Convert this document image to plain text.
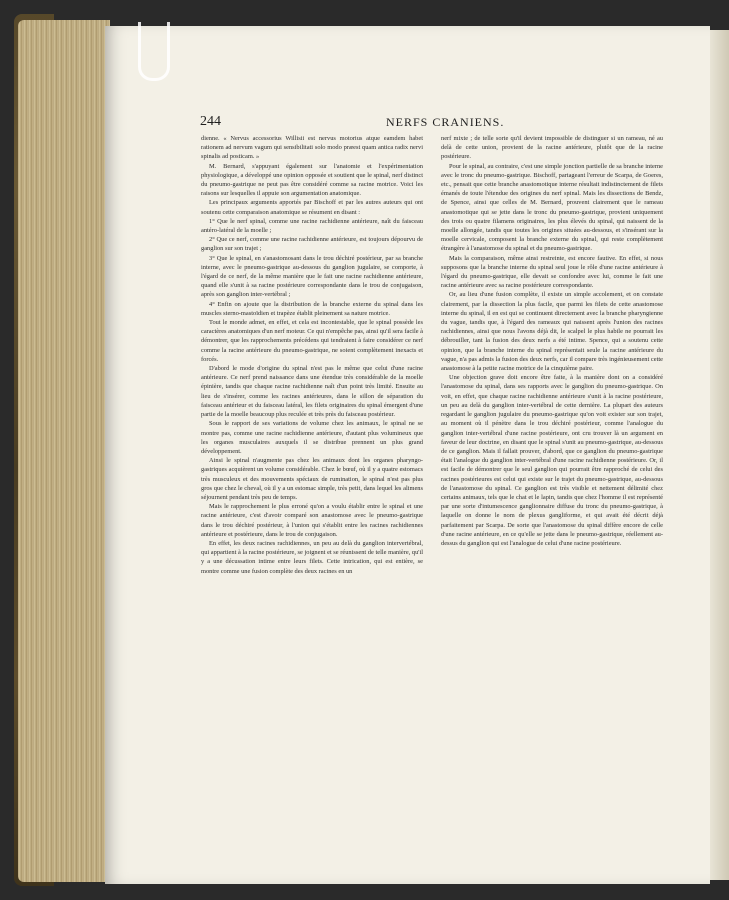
244	NERFS CRANIENS.

dienne. « Nervus accessorius Willisii est nervus motorius atque eamdem habet rationem ad nervum vagum qui sensibilitati solo modo præest quam antica radix nervi spinalis ad posticam. »

M. Bernard, s'appuyant également sur l'anatomie et l'expérimentation physiologique, a développé une opinion opposée et soutient que le spinal, nerf distinct du pneumo-gastrique ne peut pas être considéré comme sa racine motrice. Voici les raisons sur lesquelles il appuie son argumentation anatomique.

Les principaux arguments apportés par Bischoff et par les autres auteurs qui ont soutenu cette comparaison anatomique se résument en disant :

1° Que le nerf spinal, comme une racine rachidienne antérieure, naît du faisceau antéro-latéral de la moelle ;

2° Que ce nerf, comme une racine rachidienne antérieure, est toujours dépourvu de ganglion sur son trajet ;

3° Que le spinal, en s'anastomosant dans le trou déchiré postérieur, par sa branche interne, avec le pneumo-gastrique au-dessous du ganglion jugulaire, se comporte, à l'égard de ce nerf, de la même manière que le fait une racine rachidienne antérieure, quand elle s'unit à sa racine postérieure correspondante dans le trou de conjugaison, après son ganglion inter-vertébral ;

4° Enfin on ajoute que la distribution de la branche externe du spinal dans les muscles sterno-mastoïdien et trapèze établit pleinement sa nature motrice.

Tout le monde admet, en effet, et cela est incontestable, que le spinal possède les caractères anatomiques d'un nerf moteur. Ce qui n'empêche pas, ainsi qu'il sera facile à démontrer, que les rapprochements précédens qui tendraient à faire considérer ce nerf comme la racine antérieure du pneumo-gastrique, ne soient complètement inexacts et forcés.

D'abord le mode d'origine du spinal n'est pas le même que celui d'une racine antérieure. Ce nerf prend naissance dans une étendue très considérable de la moelle épinière, tandis que chaque racine rachidienne naît d'un point très limité. Ensuite au lieu de s'insérer, comme les racines antérieures, dans le sillon de séparation du faisceau antérieur et du faisceau latéral, les filets originaires du spinal émergent d'une partie de la moelle beaucoup plus reculée et très près du faisceau postérieur.

Sous le rapport de ses variations de volume chez les animaux, le spinal ne se montre pas, comme une racine rachidienne antérieure, d'autant plus volumineux que les organes musculaires auxquels il se distribue prennent un plus grand développement.

Ainsi le spinal n'augmente pas chez les animaux dont les organes pharyngo-gastriques acquièrent un volume considérable. Chez le bœuf, où il y a quatre estomacs très musculeux et des mouvements spéciaux de rumination, le spinal n'est pas plus gros que chez le cheval, où il y a un estomac simple, très petit, dans lequel les alimens séjournent pendant très peu de temps.

Mais le rapprochement le plus erroné qu'on a voulu établir entre le spinal et une racine antérieure, c'est d'avoir comparé son anastomose avec le pneumo-gastrique dans le trou déchiré postérieur, à l'union qui s'établit entre les racines rachidiennes antérieure et postérieure, dans le trou de conjugaison.

En effet, les deux racines rachidiennes, un peu au delà du ganglion intervertébral, qui appartient à la racine postérieure, se joignent et se réunissent de telle manière, qu'il y a une décussation intime entre leurs filets. Cette intrication, qui est entière, se montre comme une fusion complète des deux racines en un

nerf mixte ; de telle sorte qu'il devient impossible de distinguer si un rameau, né au delà de cette union, provient de la racine antérieure, plutôt que de la racine postérieure.

Pour le spinal, au contraire, c'est une simple jonction partielle de sa branche interne avec le tronc du pneumo-gastrique. Bischoff, partageant l'erreur de Scarpa, de Goeres, etc., pensait que cette branche anastomotique interne résultait indistinctement de filets émanés de toute l'étendue des origines du nerf spinal. Mais les dissections de Bendz, de Spence, ainsi que celles de M. Bernard, prouvent clairement que le rameau anastomotique qui se jette dans le tronc du pneumo-gastrique, provient uniquement des trois ou quatre filamens originaires, les plus élevés du spinal, qui naissent de la moelle allongée, tandis que toutes les origines situées au-dessous, et s'insérant sur la moelle cervicale, composent la branche externe du spinal, qui reste complètement étrangère à l'anastomose du spinal et du pneumo-gastrique.

Mais la comparaison, même ainsi restreinte, est encore fautive. En effet, si nous supposons que la branche interne du spinal seul joue le rôle d'une racine antérieure à l'égard du pneumo-gastrique, elle devait se confondre avec lui, comme le fait une racine antérieure avec sa racine postérieure correspondante.

Or, au lieu d'une fusion complète, il existe un simple accolement, et on constate clairement, par la dissection la plus facile, que parmi les filets de cette anastomose interne du spinal, il en est qui se continuent directement avec la branche pharyngienne du vague, tandis que, à l'égard des rameaux qui naissent après l'union des racines rachidiennes, ainsi que nous l'avons déjà dit, le scalpel le plus habile ne pourrait les débrouiller, tant la fusion des deux nerfs a été intime. Spence, qui a soutenu cette opinion, que la branche interne du spinal représentait seule la racine antérieure du vague, n'a pas admis la fusion des deux nerfs, car il compare très ingénieusement cette anastomose à la petite racine motrice de la cinquième paire.

Une objection grave doit encore être faite, à la manière dont on a considéré l'anastomose du spinal, dans ses rapports avec le ganglion du pneumo-gastrique. On voit, en effet, que chaque racine rachidienne antérieure s'unit à la racine postérieure, un peu au delà du ganglion inter-vertébral de cette dernière. La plupart des auteurs regardant le ganglion jugulaire du pneumo-gastrique qu'on voit exister sur son trajet, au moment où il pénètre dans le trou déchiré postérieur, comme l'analogue du ganglion inter-vertébral d'une racine postérieure, ont cru trouver là un argument en faveur de leur doctrine, en disant que le spinal s'unit au pneumo-gastrique, au-dessous de ce ganglion. Mais il fallait prouver, d'abord, que ce ganglion du pneumo-gastrique était l'analogue du ganglion inter-vertébral d'une racine rachidienne postérieure. Or, il est facile de démontrer que le seul ganglion qui pourrait être rapproché de celui des racines postérieures est celui qui existe sur le trajet du pneumo-gastrique, au-dessous de l'anastomose du spinal. Ce ganglion est très visible et nettement délimité chez certains animaux, tels que le chat et le lapin, tandis que chez l'homme il est représenté par une sorte d'intumescence ganglionnaire diffuse du tronc du pneumo-gastrique, à laquelle on donne le nom de plexus gangliforme, et qui avait été décrit déjà parfaitement par Scarpa. De sorte que l'anastomose du spinal diffère encore de celle d'une racine antérieure, en ce qu'elle se jette dans le pneumo-gastrique, réellement au-dessus du ganglion qui est l'analogue de celui d'une racine postérieure.
